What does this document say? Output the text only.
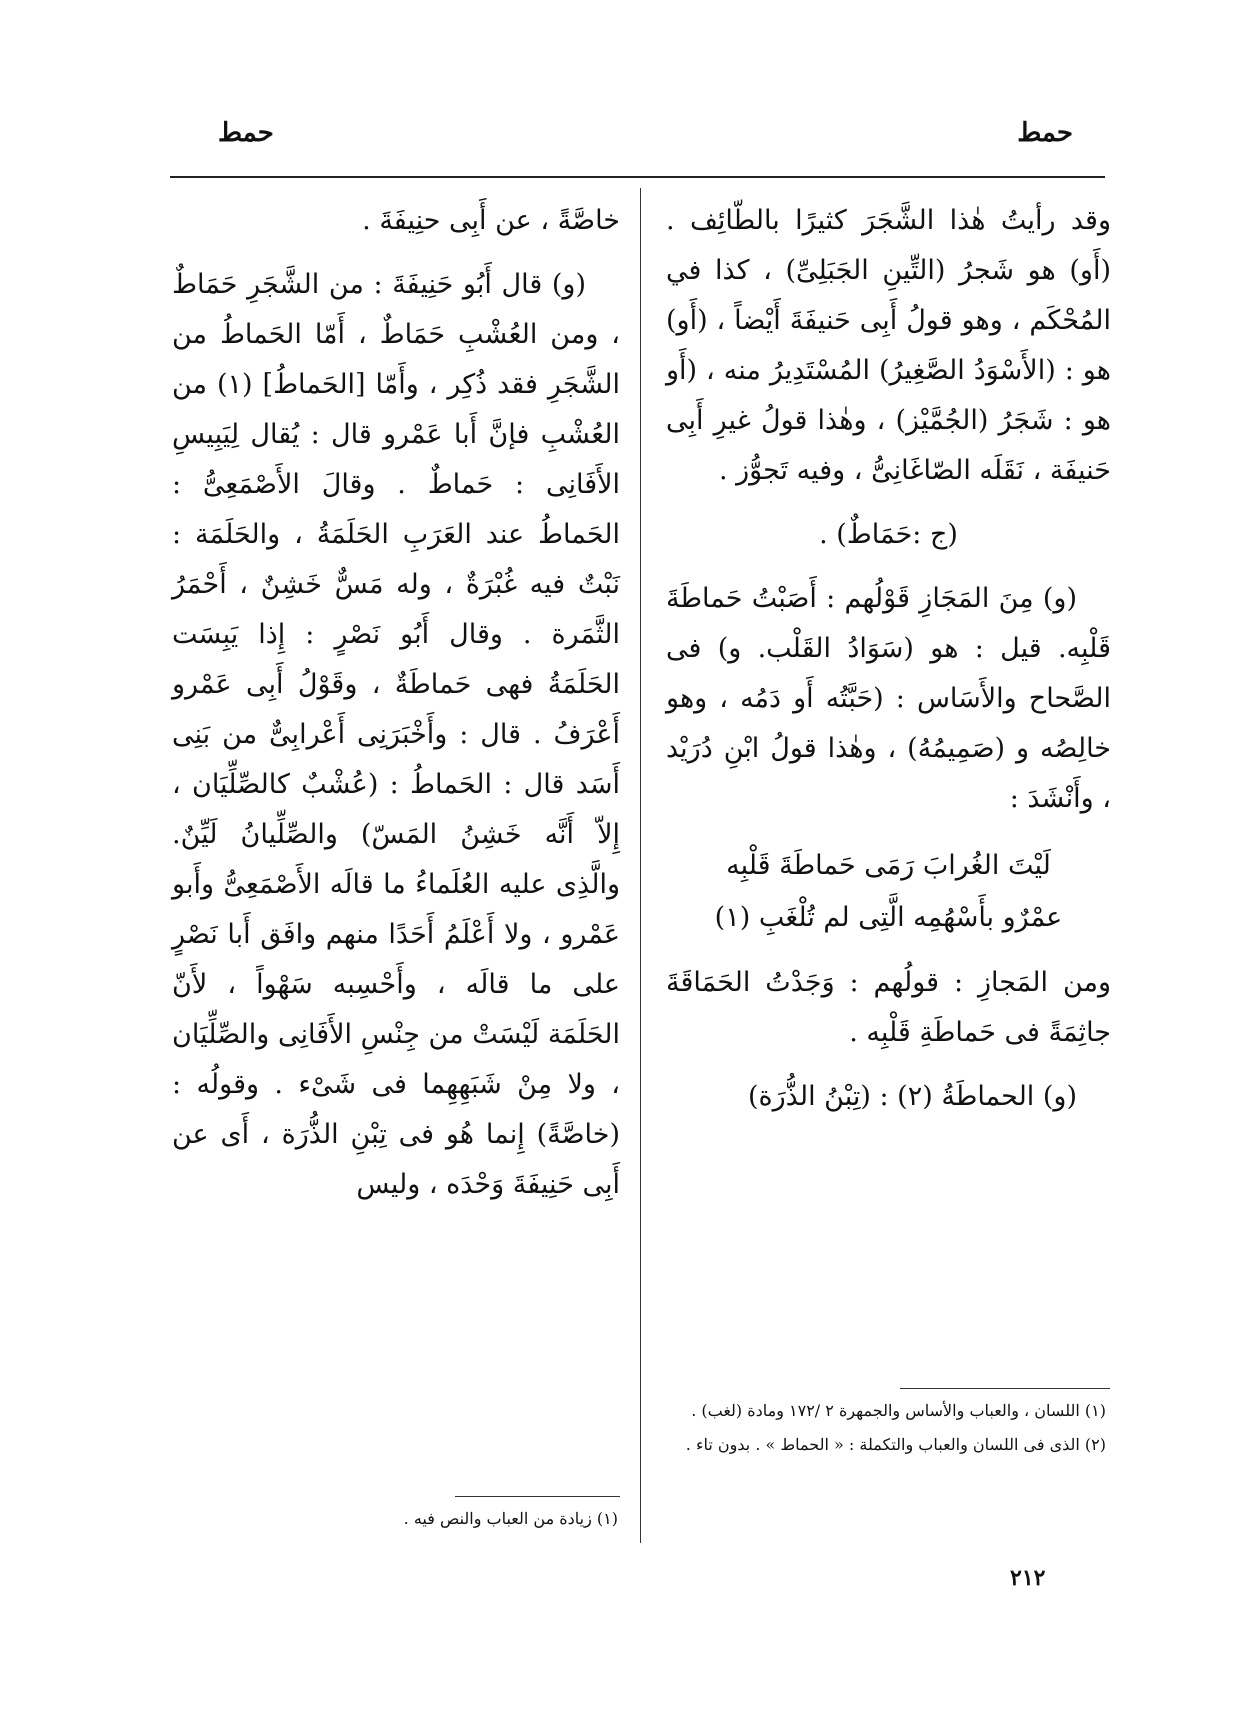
حمط
حمط

وقد رأيتُ هٰذا الشَّجَرَ كثيرًا بالطّائِف . (أَو) هو شَجرُ (التِّينِ الجَبَلِىِّ) ، كذا في المُحْكَم ، وهو قولُ أَبِى حَنيفَةَ أَيْضاً ، (أَو) هو : (الأَسْوَدُ الصَّغِيرُ) المُسْتَدِيرُ منه ، (أَو هو : شَجَرُ (الجُمَّيْز) ، وهٰذا قولُ غيرِ أَبِى حَنيفَة ، نَقَلَه الصّاغَانِىُّ ، وفيه تَجوُّز .

(ج :حَمَاطٌ) .

(و) مِنَ المَجَازِ قَوْلُهم : أَصَبْتُ حَماطَةَ قَلْبِه. قيل : هو (سَوَادُ القَلْب. و) فى الصَّحاح والأَسَاس : (حَبَّتُه أَو دَمُه ، وهو خالِصُه و (صَمِيمُهُ) ، وهٰذا قولُ ابْنِ دُرَيْد ، وأَنْشَدَ :

لَيْتَ الغُرابَ رَمَى حَماطَةَ قَلْبِه
عمْرٌو بأَسْهُمِه الَّتِى لم تُلْغَبِ (١)

ومن المَجازِ : قولُهم : وَجَدْتُ الحَمَاقَةَ جاثِمَةً فى حَماطَةِ قَلْبِه .

(و) الحماطَةُ (٢) : (تِبْنُ الذُّرَة)

خاصَّةً ، عن أَبِى حنِيفَةَ .

(و) قال أَبُو حَنِيفَةَ : من الشَّجَرِ حَمَاطٌ ، ومن العُشْبِ حَمَاطٌ ، أَمّا الحَماطُ من الشَّجَرِ فقد ذُكِر ، وأَمّا [الحَماطُ] (١) من العُشْبِ فإنَّ أَبا عَمْرو قال : يُقال لِيَبِيسِ الأَفَانِى : حَماطٌ . وقالَ الأَصْمَعِىُّ : الحَماطُ عند العَرَبِ الحَلَمَةُ ، والحَلَمَة : نَبْتٌ فيه غُبْرَةٌ ، وله مَسٌّ خَشِنٌ ، أَحْمَرُ الثَّمَرة . وقال أَبُو نَصْرٍ : إِذا يَبِسَت الحَلَمَةُ فهى حَماطَةٌ ، وقَوْلُ أَبِى عَمْرو أَعْرَفُ . قال : وأَخْبَرَنِى أَعْرابِىٌّ من بَنِى أَسَد قال : الحَماطُ : (عُشْبٌ كالصِّلِّيَان ، إِلاّ أَنَّه خَشِنُ المَسّ) والصِّلِّيانُ لَيِّنٌ. والَّذِى عليه العُلَماءُ ما قالَه الأَصْمَعِىُّ وأَبو عَمْرو ، ولا أَعْلَمُ أَحَدًا منهم وافَق أَبا نَصْرٍ على ما قالَه ، وأَحْسِبه سَهْواً ، لأَنّ الحَلَمَة لَيْسَتْ من جِنْسِ الأَفَانِى والصِّلِّيَان ، ولا مِنْ شَبَهِهِما فى شَىْء . وقولُه : (خاصَّةً) إِنما هُو فى تِبْنِ الذُّرَة ، أَى عن أَبِى حَنِيفَةَ وَحْدَه ، وليس

(١) اللسان ، والعباب والأساس والجمهرة ٢ /١٧٢ ومادة (لغب) .

(٢) الذى فى اللسان والعباب والتكملة : « الحماط » . بدون تاء .

(١) زيادة من العباب والنص فيه .

٢١٢
